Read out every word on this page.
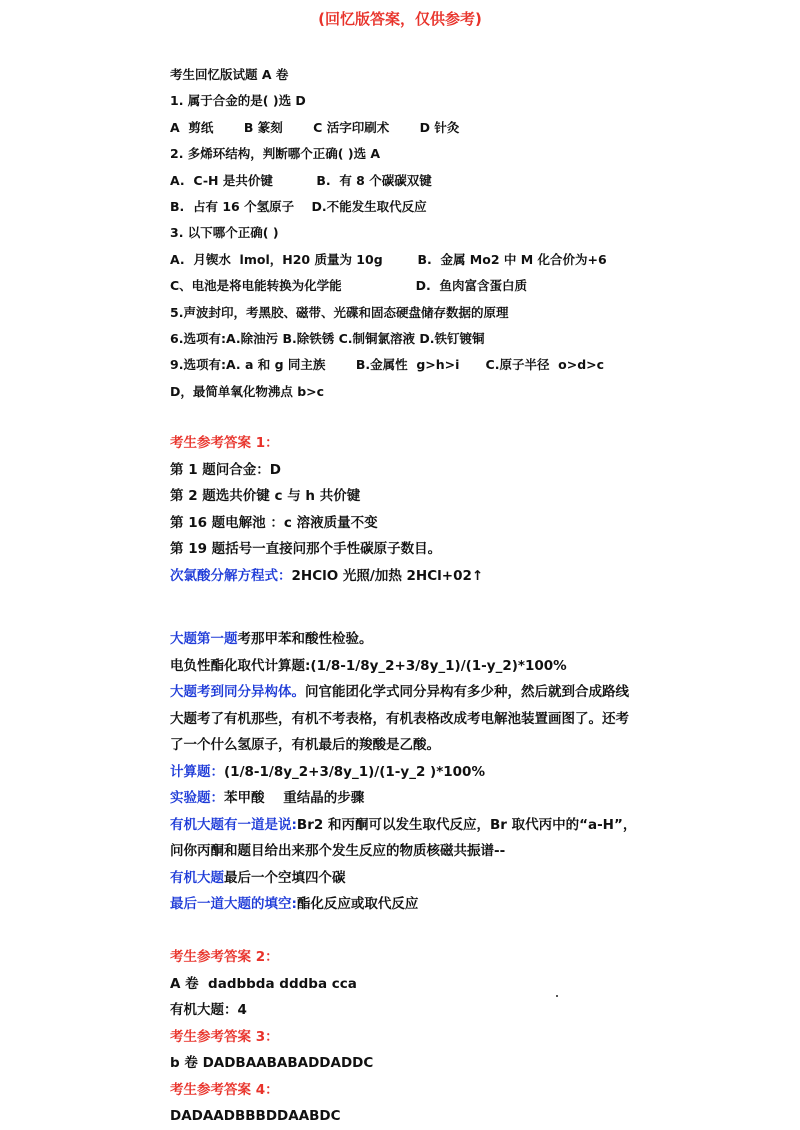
(回忆版答案，仅供参考)
考生回忆版试题 A 卷
1. 属于合金的是( )选 D
A  剪纸       B 篆刻       C 活字印刷术       D 针灸
2. 多烯环结构，判断哪个正确( )选 A
A.  C-H 是共价键          B.  有 8 个碳碳双键
B.  占有 16 个氢原子    D.不能发生取代反应
3. 以下哪个正确( )
A.  月锲水  lmol，H20 质量为 10g        B.  金属 Mo2 中 M 化合价为+6
C、电池是将电能转换为化学能                 D.  鱼肉富含蛋白质
5.声波封印，考黑胶、磁带、光碟和固态硬盘储存数据的原理
6.选项有:A.除油污 B.除铁锈 C.制铜氯溶液 D.铁钉镀铜
9.选项有:A. a 和 g 同主族       B.金属性  g>h>i      C.原子半径  o>d>c
D，最简单氧化物沸点 b>c
考生参考答案 1：
第 1 题问合金：D
第 2 题选共价键 c 与 h 共价键
第 16 题电解池 ：c 溶液质量不变
第 19 题括号一直接问那个手性碳原子数目。
次氯酸分解方程式：2HClO 光照/加热 2HCl+02↑
大题第一题考那甲苯和酸性检验。
电负性酯化取代计算题:(1/8-1/8y_2+3/8y_1)/(1-y_2)*100%
大题考到同分异构体。问官能团化学式同分异构有多少种，然后就到合成路线
大题考了有机那些，有机不考表格，有机表格改成考电解池装置画图了。还考
了一个什么氢原子，有机最后的羧酸是乙酸。
计算题：(1/8-1/8y_2+3/8y_1)/(1-y_2 )*100%
实验题：苯甲酸    重结晶的步骤
有机大题有一道是说:Br2 和丙酮可以发生取代反应，Br 取代丙中的“a-H”，
问你丙酮和题目给出来那个发生反应的物质核磁共振谱--
有机大题最后一个空填四个碳
最后一道大题的填空:酯化反应或取代反应
考生参考答案 2：
A 卷  dadbbda dddba cca
有机大题：4
考生参考答案 3：
b 卷 DADBAABABADDADDC
考生参考答案 4：
DADAADBBBDDAABDC
